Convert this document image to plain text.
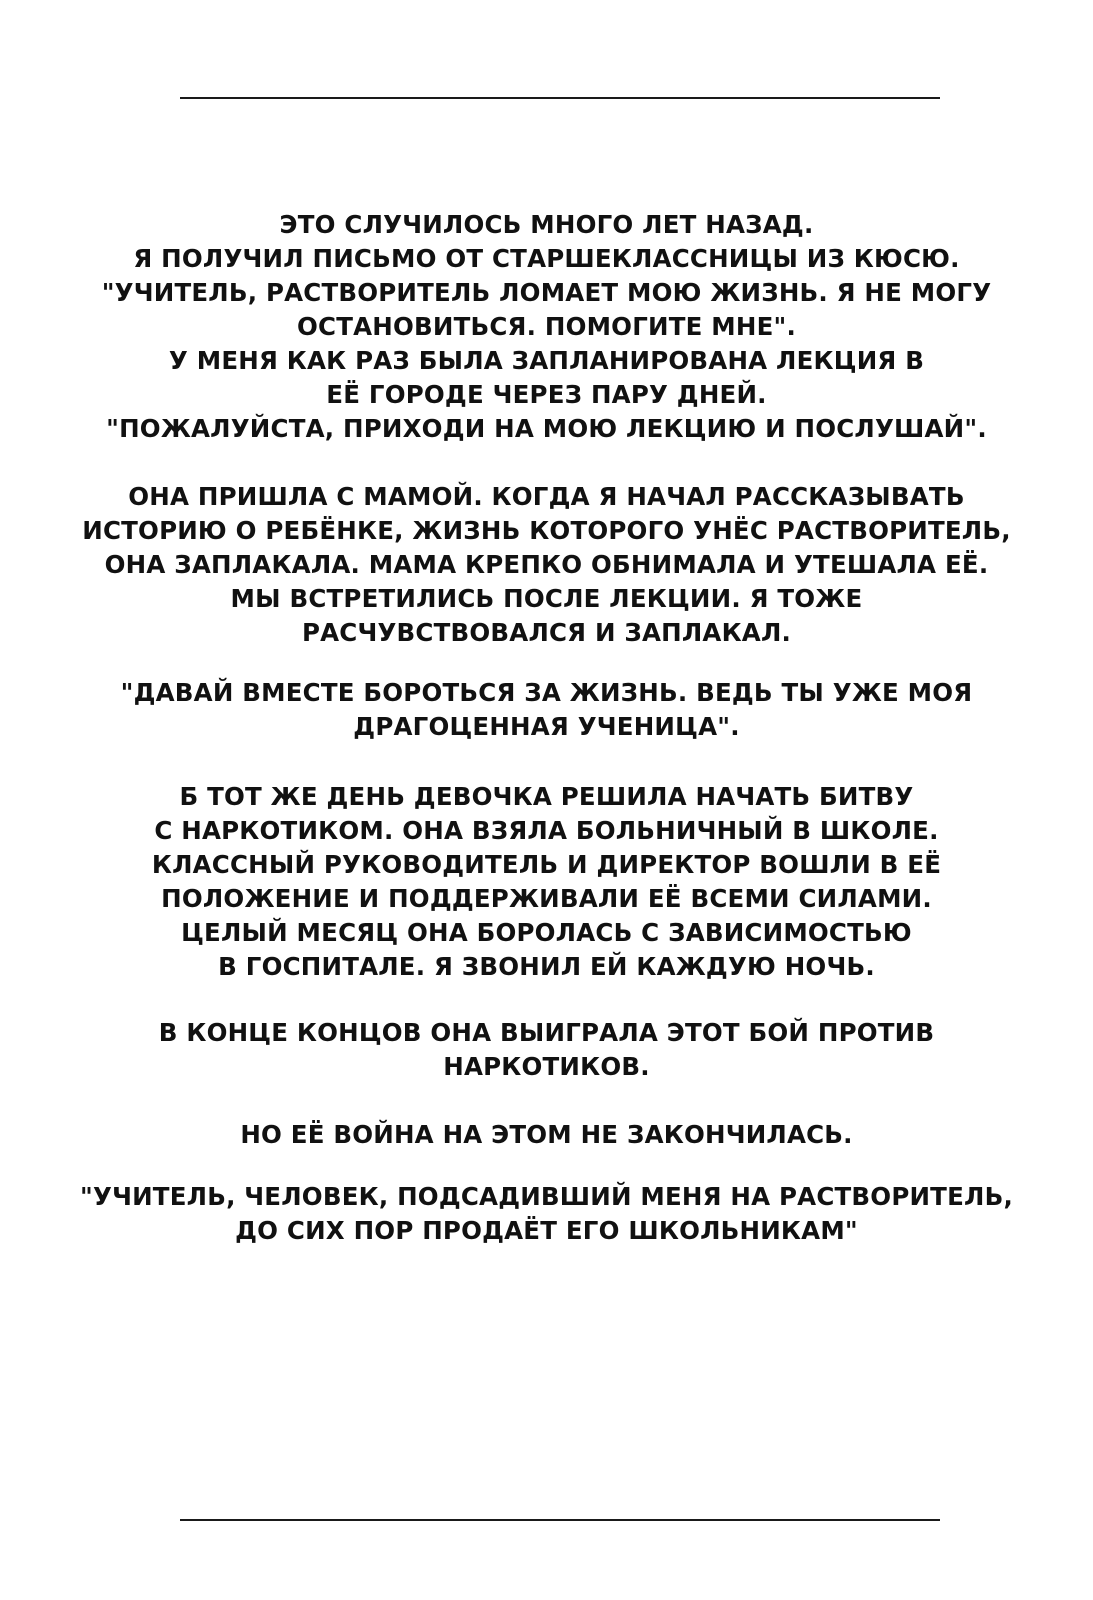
ЭТО СЛУЧИЛОСЬ МНОГО ЛЕТ НАЗАД.
Я ПОЛУЧИЛ ПИСЬМО ОТ СТАРШЕКЛАССНИЦЫ ИЗ КЮСЮ.
"УЧИТЕЛЬ, РАСТВОРИТЕЛЬ ЛОМАЕТ МОЮ ЖИЗНЬ. Я НЕ МОГУ
ОСТАНОВИТЬСЯ. ПОМОГИТЕ МНЕ".
У МЕНЯ КАК РАЗ БЫЛА ЗАПЛАНИРОВАНА ЛЕКЦИЯ В
ЕЁ ГОРОДЕ ЧЕРЕЗ ПАРУ ДНЕЙ.
"ПОЖАЛУЙСТА, ПРИХОДИ НА МОЮ ЛЕКЦИЮ И ПОСЛУШАЙ".
ОНА ПРИШЛА С МАМОЙ. КОГДА Я НАЧАЛ РАССКАЗЫВАТЬ
ИСТОРИЮ О РЕБЁНКЕ, ЖИЗНЬ КОТОРОГО УНЁС РАСТВОРИТЕЛЬ,
ОНА ЗАПЛАКАЛА. МАМА КРЕПКО ОБНИМАЛА И УТЕШАЛА ЕЁ.
МЫ ВСТРЕТИЛИСЬ ПОСЛЕ ЛЕКЦИИ. Я ТОЖЕ
РАСЧУВСТВОВАЛСЯ И ЗАПЛАКАЛ.
"ДАВАЙ ВМЕСТЕ БОРОТЬСЯ ЗА ЖИЗНЬ. ВЕДЬ ТЫ УЖЕ МОЯ
ДРАГОЦЕННАЯ УЧЕНИЦА".
Б ТОТ ЖЕ ДЕНЬ ДЕВОЧКА РЕШИЛА НАЧАТЬ БИТВУ
С НАРКОТИКОМ. ОНА ВЗЯЛА БОЛЬНИЧНЫЙ В ШКОЛЕ.
КЛАССНЫЙ РУКОВОДИТЕЛЬ И ДИРЕКТОР ВОШЛИ В ЕЁ
ПОЛОЖЕНИЕ И ПОДДЕРЖИВАЛИ ЕЁ ВСЕМИ СИЛАМИ.
ЦЕЛЫЙ МЕСЯЦ ОНА БОРОЛАСЬ С ЗАВИСИМОСТЬЮ
В ГОСПИТАЛЕ. Я ЗВОНИЛ ЕЙ КАЖДУЮ НОЧЬ.
В КОНЦЕ КОНЦОВ ОНА ВЫИГРАЛА ЭТОТ БОЙ ПРОТИВ
НАРКОТИКОВ.
НО ЕЁ ВОЙНА НА ЭТОМ НЕ ЗАКОНЧИЛАСЬ.
"УЧИТЕЛЬ, ЧЕЛОВЕК, ПОДСАДИВШИЙ МЕНЯ НА РАСТВОРИТЕЛЬ,
ДО СИХ ПОР ПРОДАЁТ ЕГО ШКОЛЬНИКАМ"
